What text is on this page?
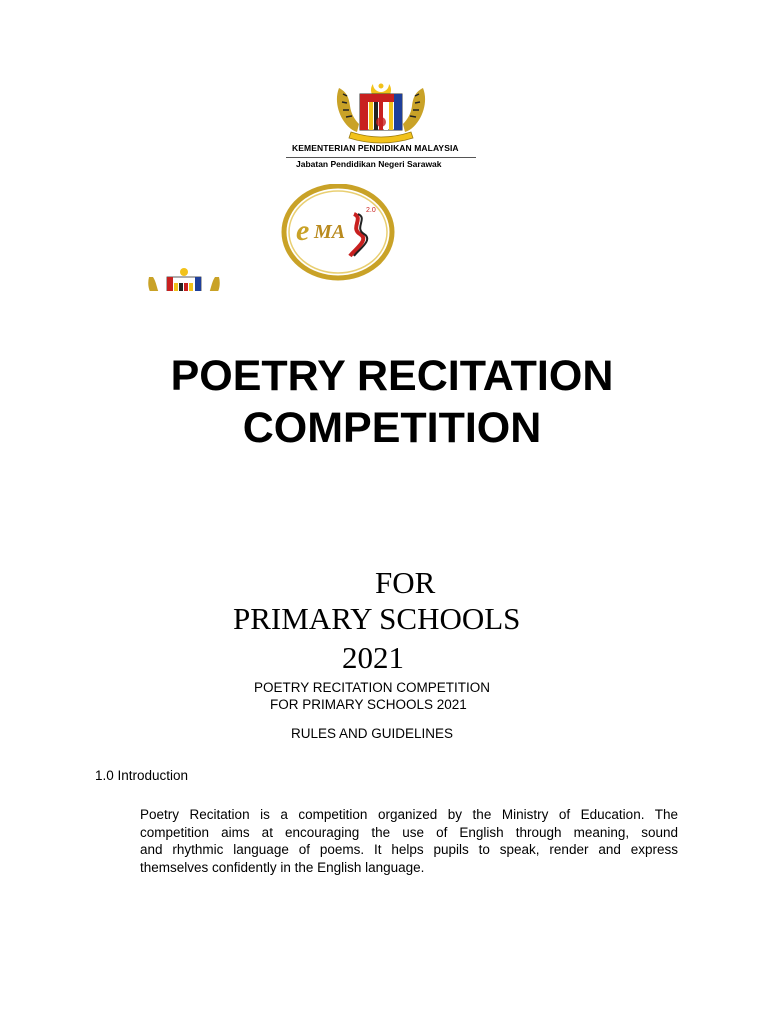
KEMENTERIAN PENDIDIKAN MALAYSIA
Jabatan Pendidikan Negeri Sarawak
e MA
2.0
POETRY RECITATION
COMPETITION
FOR
PRIMARY SCHOOLS
2021
POETRY RECITATION COMPETITION
FOR PRIMARY SCHOOLS 2021
RULES AND GUIDELINES
1.0 Introduction

Poetry Recitation is a competition organized by the Ministry of Education. The
competition aims at encouraging the use of English through meaning, sound
and rhythmic language of poems. It helps pupils to speak, render and express
themselves confidently in the English language.
